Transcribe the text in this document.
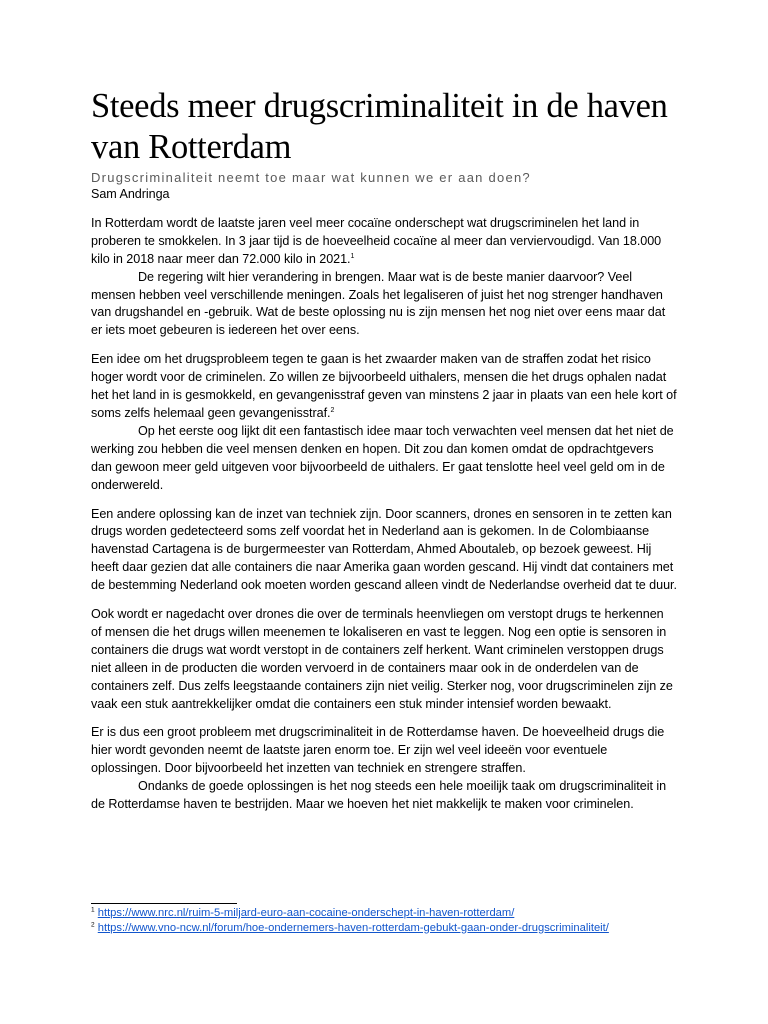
Steeds meer drugscriminaliteit in de haven van Rotterdam

Drugscriminaliteit neemt toe maar wat kunnen we er aan doen?

Sam Andringa

In Rotterdam wordt de laatste jaren veel meer cocaïne onderschept wat drugscriminelen het land in proberen te smokkelen. In 3 jaar tijd is de hoeveelheid cocaïne al meer dan verviervoudigd. Van 18.000 kilo in 2018 naar meer dan 72.000 kilo in 2021.$^1$

De regering wilt hier verandering in brengen. Maar wat is de beste manier daarvoor? Veel mensen hebben veel verschillende meningen. Zoals het legaliseren of juist het nog strenger handhaven van drugshandel en -gebruik. Wat de beste oplossing nu is zijn mensen het nog niet over eens maar dat er iets moet gebeuren is iedereen het over eens.

Een idee om het drugsprobleem tegen te gaan is het zwaarder maken van de straffen zodat het risico hoger wordt voor de criminelen. Zo willen ze bijvoorbeeld uithalers, mensen die het drugs ophalen nadat het het land in is gesmokkeld, en gevangenisstraf geven van minstens 2 jaar in plaats van een hele kort of soms zelfs helemaal geen gevangenisstraf.$^2$

Op het eerste oog lijkt dit een fantastisch idee maar toch verwachten veel mensen dat het niet de werking zou hebben die veel mensen denken en hopen. Dit zou dan komen omdat de opdrachtgevers dan gewoon meer geld uitgeven voor bijvoorbeeld de uithalers. Er gaat tenslotte heel veel geld om in de onderwereld.

Een andere oplossing kan de inzet van techniek zijn. Door scanners, drones en sensoren in te zetten kan drugs worden gedetecteerd soms zelf voordat het in Nederland aan is gekomen. In de Colombiaanse havenstad Cartagena is de burgermeester van Rotterdam, Ahmed Aboutaleb, op bezoek geweest. Hij heeft daar gezien dat alle containers die naar Amerika gaan worden gescand. Hij vindt dat containers met de bestemming Nederland ook moeten worden gescand alleen vindt de Nederlandse overheid dat te duur.

Ook wordt er nagedacht over drones die over de terminals heenvliegen om verstopt drugs te herkennen of mensen die het drugs willen meenemen te lokaliseren en vast te leggen. Nog een optie is sensoren in containers die drugs wat wordt verstopt in de containers zelf herkent. Want criminelen verstoppen drugs niet alleen in de producten die worden vervoerd in de containers maar ook in de onderdelen van de containers zelf. Dus zelfs leegstaande containers zijn niet veilig. Sterker nog, voor drugscriminelen zijn ze vaak een stuk aantrekkelijker omdat die containers een stuk minder intensief worden bewaakt.

Er is dus een groot probleem met drugscriminaliteit in de Rotterdamse haven. De hoeveelheid drugs die hier wordt gevonden neemt de laatste jaren enorm toe. Er zijn wel veel ideeën voor eventuele oplossingen. Door bijvoorbeeld het inzetten van techniek en strengere straffen.

Ondanks de goede oplossingen is het nog steeds een hele moeilijk taak om drugscriminaliteit in de Rotterdamse haven te bestrijden. Maar we hoeven het niet makkelijk te maken voor criminelen.

$^1$ https://www.nrc.nl/ruim-5-miljard-euro-aan-cocaine-onderschept-in-haven-rotterdam/

$^2$ https://www.vno-ncw.nl/forum/hoe-ondernemers-haven-rotterdam-gebukt-gaan-onder-drugscriminaliteit/
